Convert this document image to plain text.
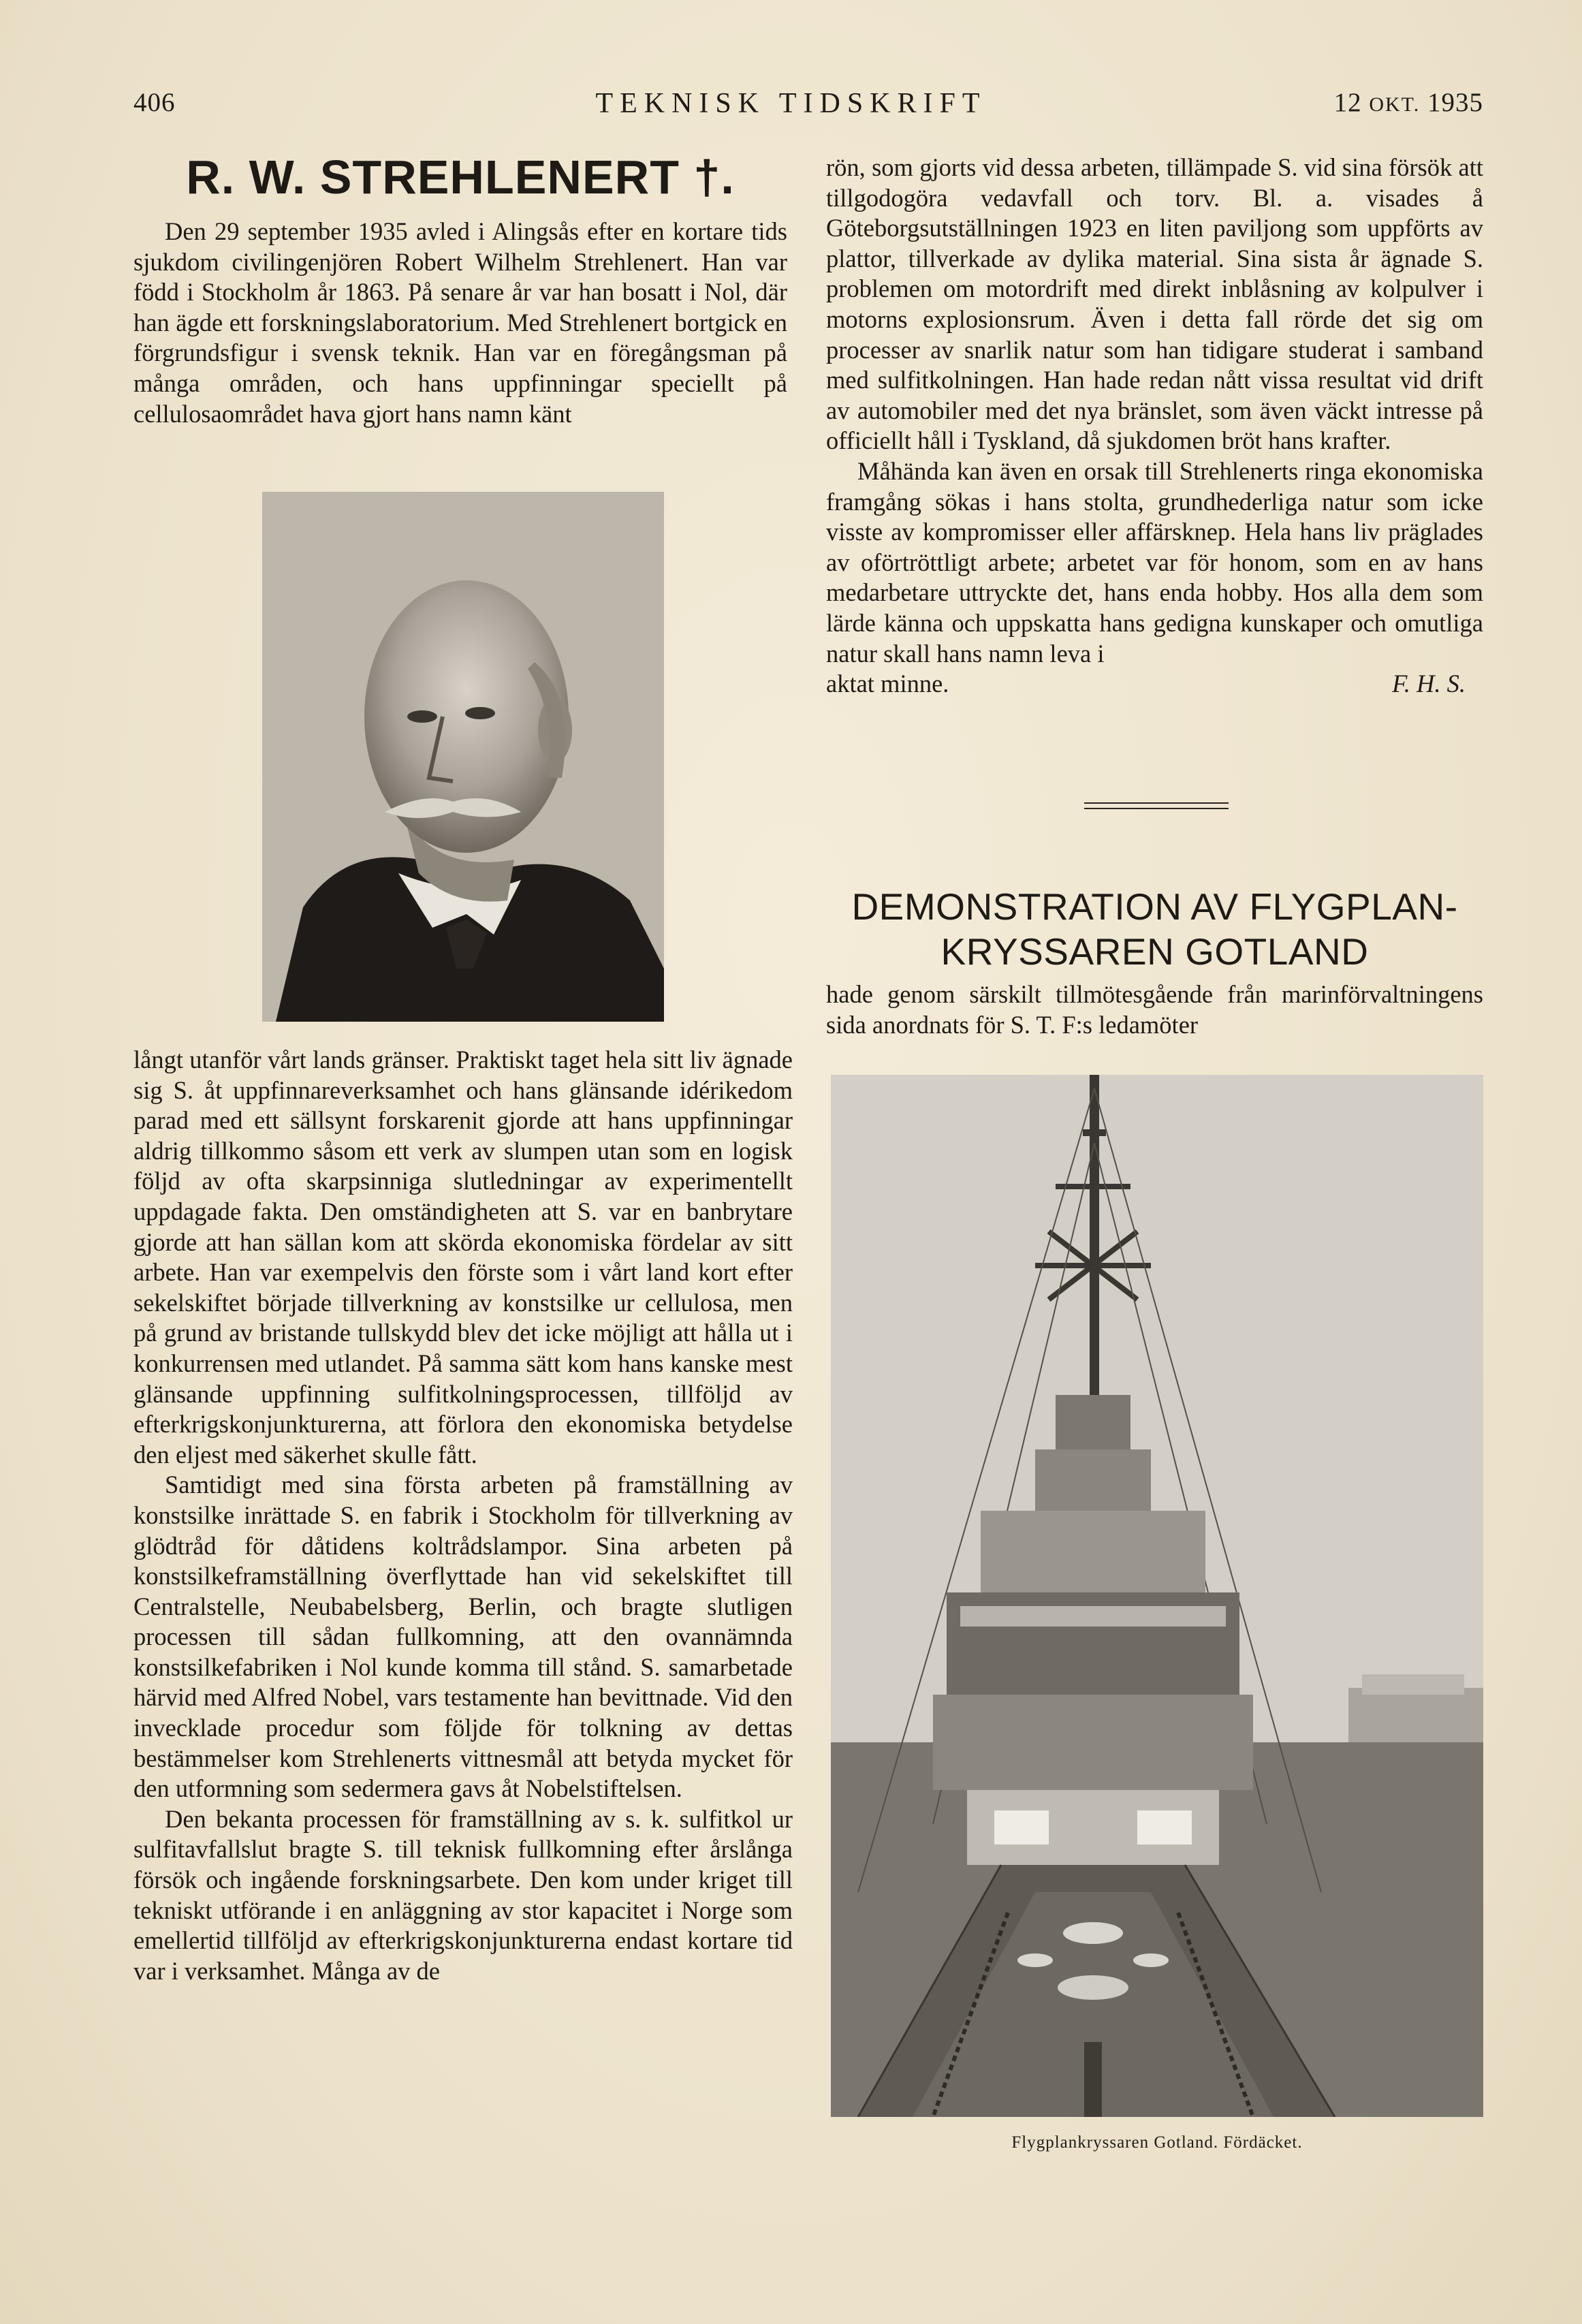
406	TEKNISK TIDSKRIFT	12 OKT. 1935
R. W. STREHLENERT †.

Den 29 september 1935 avled i Alingsås efter en kortare tids sjukdom civilingenjören Robert Wilhelm Strehlenert. Han var född i Stockholm år 1863. På senare år var han bosatt i Nol, där han ägde ett forskningslaboratorium. Med Strehlenert bortgick en förgrundsfigur i svensk teknik. Han var en föregångsman på många områden, och hans uppfinningar speciellt på cellulosaområdet hava gjort hans namn känt

långt utanför vårt lands gränser. Praktiskt taget hela sitt liv ägnade sig S. åt uppfinnareverksamhet och hans glänsande idérikedom parad med ett sällsynt forskarenit gjorde att hans uppfinningar aldrig tillkommo såsom ett verk av slumpen utan som en logisk följd av ofta skarpsinniga slutledningar av experimentellt uppdagade fakta. Den omständigheten att S. var en banbrytare gjorde att han sällan kom att skörda ekonomiska fördelar av sitt arbete. Han var exempelvis den förste som i vårt land kort efter sekelskiftet började tillverkning av konstsilke ur cellulosa, men på grund av bristande tullskydd blev det icke möjligt att hålla ut i konkurrensen med utlandet. På samma sätt kom hans kanske mest glänsande uppfinning sulfitkolningsprocessen, tillföljd av efterkrigskonjunkturerna, att förlora den ekonomiska betydelse den eljest med säkerhet skulle fått.

Samtidigt med sina första arbeten på framställning av konstsilke inrättade S. en fabrik i Stockholm för tillverkning av glödtråd för dåtidens koltrådslampor. Sina arbeten på konstsilkeframställning överflyttade han vid sekelskiftet till Centralstelle, Neubabelsberg, Berlin, och bragte slutligen processen till sådan fullkomning, att den ovannämnda konstsilkefabriken i Nol kunde komma till stånd. S. samarbetade härvid med Alfred Nobel, vars testamente han bevittnade. Vid den invecklade procedur som följde för tolkning av dettas bestämmelser kom Strehlenerts vittnesmål att betyda mycket för den utformning som sedermera gavs åt Nobelstiftelsen.

Den bekanta processen för framställning av s. k. sulfitkol ur sulfitavfallslut bragte S. till teknisk fullkomning efter årslånga försök och ingående forskningsarbete. Den kom under kriget till tekniskt utförande i en anläggning av stor kapacitet i Norge som emellertid tillföljd av efterkrigskonjunkturerna endast kortare tid var i verksamhet. Många av de

rön, som gjorts vid dessa arbeten, tillämpade S. vid sina försök att tillgodogöra vedavfall och torv. Bl. a. visades å Göteborgsutställningen 1923 en liten paviljong som uppförts av plattor, tillverkade av dylika material. Sina sista år ägnade S. problemen om motordrift med direkt inblåsning av kolpulver i motorns explosionsrum. Även i detta fall rörde det sig om processer av snarlik natur som han tidigare studerat i samband med sulfitkolningen. Han hade redan nått vissa resultat vid drift av automobiler med det nya bränslet, som även väckt intresse på officiellt håll i Tyskland, då sjukdomen bröt hans krafter.

Måhända kan även en orsak till Strehlenerts ringa ekonomiska framgång sökas i hans stolta, grundhederliga natur som icke visste av kompromisser eller affärsknep. Hela hans liv präglades av oförtröttligt arbete; arbetet var för honom, som en av hans medarbetare uttryckte det, hans enda hobby. Hos alla dem som lärde känna och uppskatta hans gedigna kunskaper och omutliga natur skall hans namn leva i

aktat minne.	F. H. S.
DEMONSTRATION AV FLYGPLAN-
KRYSSAREN GOTLAND

hade genom särskilt tillmötesgående från marinförvaltningens sida anordnats för S. T. F:s ledamöter

Flygplankryssaren Gotland. Fördäcket.
